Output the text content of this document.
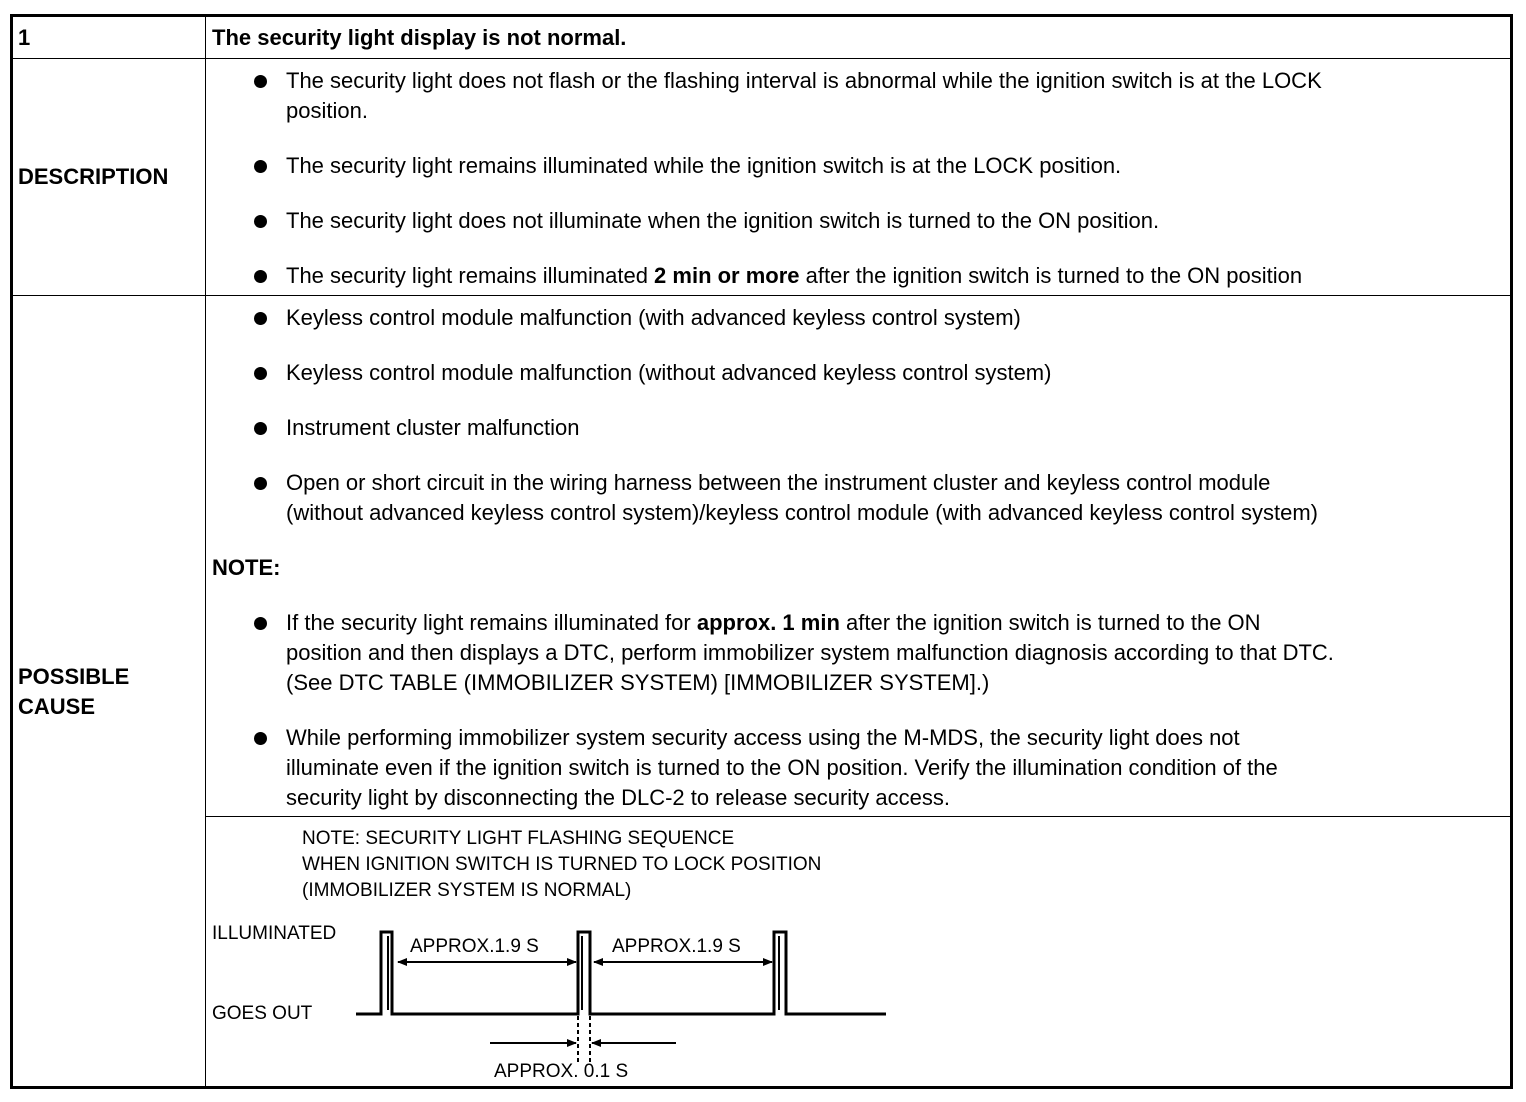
1	The security light display is not normal.
DESCRIPTION
The security light does not flash or the flashing interval is abnormal while the ignition switch is at the LOCK
position.
The security light remains illuminated while the ignition switch is at the LOCK position.
The security light does not illuminate when the ignition switch is turned to the ON position.
The security light remains illuminated 2 min or more after the ignition switch is turned to the ON position
POSSIBLE
CAUSE
Keyless control module malfunction (with advanced keyless control system)
Keyless control module malfunction (without advanced keyless control system)
Instrument cluster malfunction
Open or short circuit in the wiring harness between the instrument cluster and keyless control module
(without advanced keyless control system)/keyless control module (with advanced keyless control system)
NOTE:
If the security light remains illuminated for approx. 1 min after the ignition switch is turned to the ON
position and then displays a DTC, perform immobilizer system malfunction diagnosis according to that DTC.
(See DTC TABLE (IMMOBILIZER SYSTEM) [IMMOBILIZER SYSTEM].)
While performing immobilizer system security access using the M-MDS, the security light does not
illuminate even if the ignition switch is turned to the ON position. Verify the illumination condition of the
security light by disconnecting the DLC-2 to release security access.
NOTE: SECURITY LIGHT FLASHING SEQUENCE
WHEN IGNITION SWITCH IS TURNED TO LOCK POSITION
(IMMOBILIZER SYSTEM IS NORMAL)
ILLUMINATED
GOES OUT
APPROX.1.9 S	APPROX.1.9 S
APPROX. 0.1 S
